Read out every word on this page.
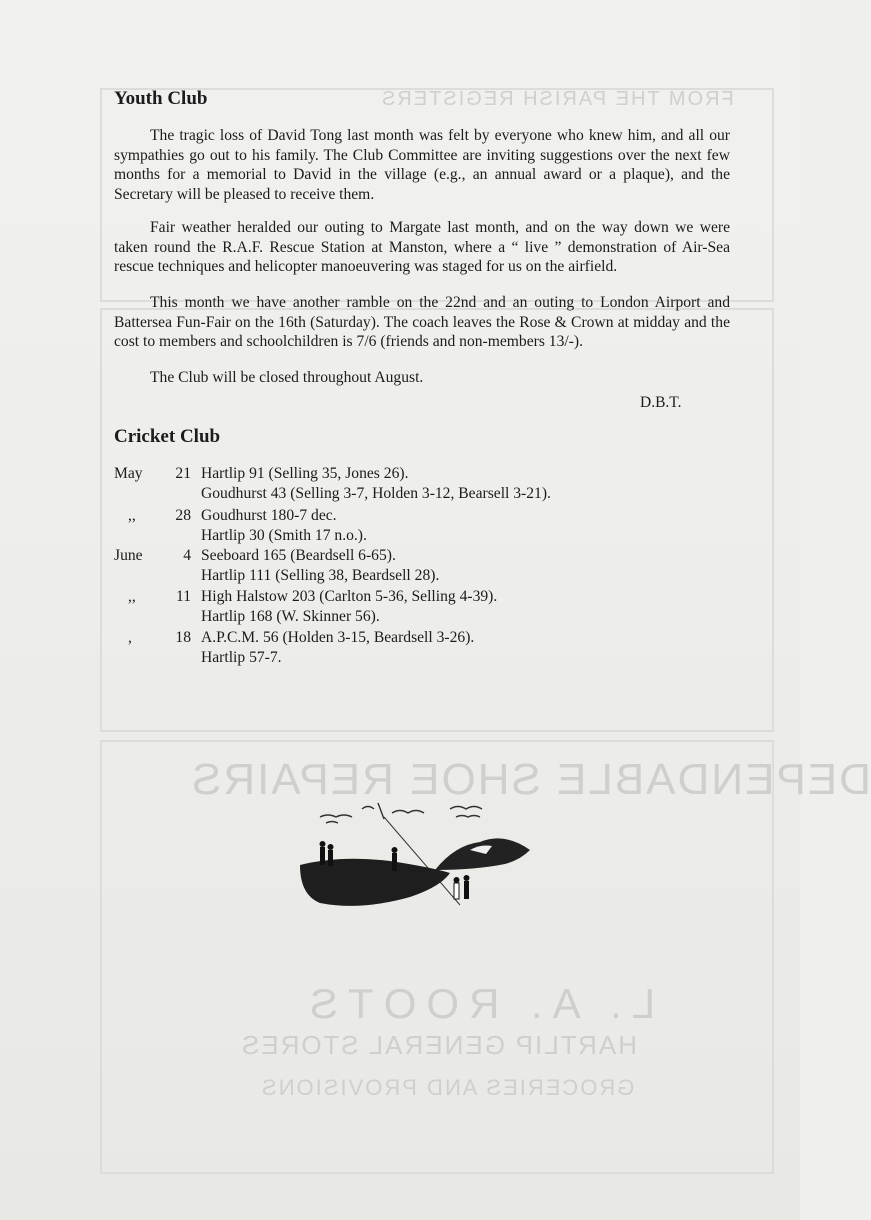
FROM THE PARISH REGISTERS
DEPENDABLE SHOE REPAIRS
L. A. ROOTS
HARTLIP GENERAL STORES
GROCERIES AND PROVISIONS
Youth Club
The tragic loss of David Tong last month was felt by everyone who knew him, and all our sympathies go out to his family. The Club Committee are inviting suggestions over the next few months for a memorial to David in the village (e.g., an annual award or a plaque), and the Secretary will be pleased to receive them.
Fair weather heralded our outing to Margate last month, and on the way down we were taken round the R.A.F. Rescue Station at Manston, where a “ live ” demonstration of Air-Sea rescue techniques and helicopter manoeuvering was staged for us on the airfield.
This month we have another ramble on the 22nd and an outing to London Airport and Battersea Fun-Fair on the 16th (Saturday). The coach leaves the Rose & Crown at midday and the cost to members and schoolchildren is 7/6 (friends and non-members 13/-).
The Club will be closed throughout August.
D.B.T.
Cricket Club
May	21 Hartlip 91 (Selling 35, Jones 26).
Goudhurst 43 (Selling 3-7, Holden 3-12, Bearsell 3-21).
,,	28 Goudhurst 180-7 dec.
Hartlip 30 (Smith 17 n.o.).
June	4 Seeboard 165 (Beardsell 6-65).
Hartlip 111 (Selling 38, Beardsell 28).
,,	11 High Halstow 203 (Carlton 5-36, Selling 4-39).
Hartlip 168 (W. Skinner 56).
,	18 A.P.C.M. 56 (Holden 3-15, Beardsell 3-26).
Hartlip 57-7.
